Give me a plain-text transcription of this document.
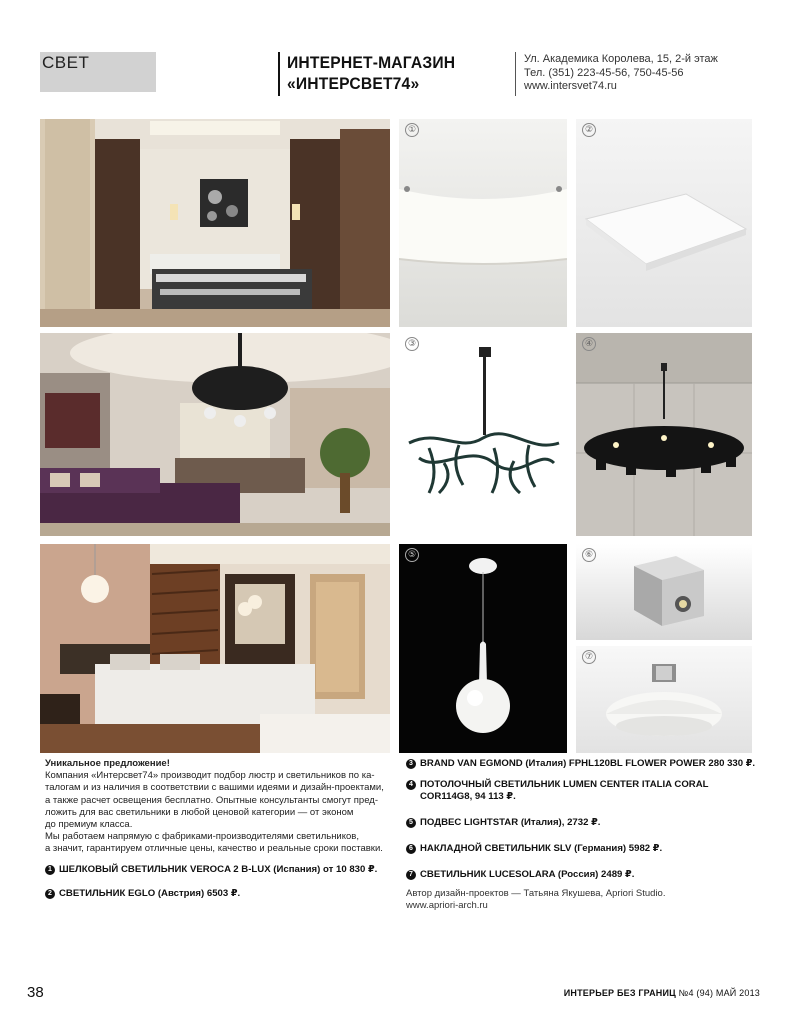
СВЕТ	ИНТЕРНЕТ-МАГАЗИН
«ИНТЕРСВЕТ74»
Ул. Академика Королева, 15, 2-й этаж
Тел. (351) 223-45-56, 750-45-56
www.intersvet74.ru
①	②
③	④
⑤	⑥
⑦

Уникальное предложение!

Компания «Интерсвет74» производит подбор люстр и светильников по ка-

талогам и из наличия в соответствии с вашими идеями и дизайн-проектами,

а также расчет освещения бесплатно. Опытные консультанты смогут пред-

ложить для вас светильники в любой ценовой категории — от эконом

до премиум класса.

Мы работаем напрямую с фабриками-производителями светильников,

а значит, гарантируем отличные цены, качество и реальные сроки поставки.

1 ШЕЛКОВЫЙ СВЕТИЛЬНИК VEROCA 2 B-LUX (Испания) от 10 830 ₽.
2 СВЕТИЛЬНИК EGLO (Австрия) 6503 ₽.
3 BRAND VAN EGMOND (Италия) FPHL120BL FLOWER POWER 280 330 ₽.
4 ПОТОЛОЧНЫЙ СВЕТИЛЬНИК LUMEN CENTER ITALIA CORAL COR114G8, 94 113 ₽.
5 ПОДВЕС LIGHTSTAR (Италия), 2732 ₽.
6 НАКЛАДНОЙ СВЕТИЛЬНИК SLV (Германия) 5982 ₽.
7 СВЕТИЛЬНИК LUCESOLARA (Россия) 2489 ₽.
Автор дизайн-проектов — Татьяна Якушева, Apriori Studio.
www.apriori-arch.ru
38	ИНТЕРЬЕР БЕЗ ГРАНИЦ №4 (94) МАЙ 2013
